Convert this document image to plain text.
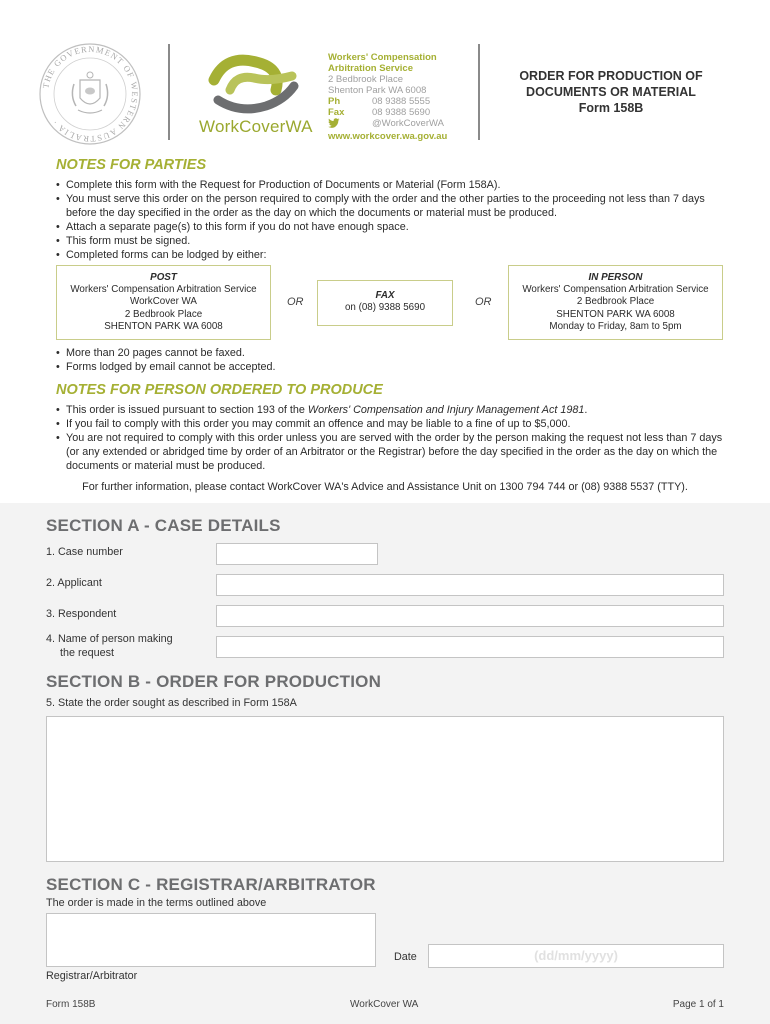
THE GOVERNMENT OF WESTERN AUSTRALIA ·	WorkCoverWA
Workers' Compensation
Arbitration Service
2 Bedbrook Place
Shenton Park WA 6008
Ph	08 9388 5555
Fax	08 9388 5690
@WorkCoverWA
www.workcover.wa.gov.au
ORDER FOR PRODUCTION OF
DOCUMENTS OR MATERIAL
Form 158B
NOTES FOR PARTIES
• Complete this form with the Request for Production of Documents or Material (Form 158A).
• You must serve this order on the person required to comply with the order and the other parties to the proceeding not less than 7 days before the day specified in the order as the day on which the documents or material must be produced.
• Attach a separate page(s) to this form if you do not have enough space.
• This form must be signed.
• Completed forms can be lodged by either:
POST
Workers' Compensation Arbitration Service
WorkCover WA
2 Bedbrook Place
SHENTON PARK WA 6008
OR
FAX
on (08) 9388 5690	OR
IN PERSON
Workers' Compensation Arbitration Service
2 Bedbrook Place
SHENTON PARK WA 6008
Monday to Friday, 8am to 5pm
• More than 20 pages cannot be faxed.
• Forms lodged by email cannot be accepted.
NOTES FOR PERSON ORDERED TO PRODUCE
• This order is issued pursuant to section 193 of the Workers' Compensation and Injury Management Act 1981.
• If you fail to comply with this order you may commit an offence and may be liable to a fine of up to $5,000.
• You are not required to comply with this order unless you are served with the order by the person making the request not less than 7 days (or any extended or abridged time by order of an Arbitrator or the Registrar) before the day specified in the order as the day on which the documents or material must be produced.
For further information, please contact WorkCover WA's Advice and Assistance Unit on 1300 794 744 or (08) 9388 5537 (TTY).
SECTION A - CASE DETAILS
1. Case number
2. Applicant
3. Respondent
4. Name of person making
the request
SECTION B - ORDER FOR PRODUCTION
5. State the order sought as described in Form 158A
SECTION C - REGISTRAR/ARBITRATOR
The order is made in the terms outlined above
Date	(dd/mm/yyyy)
Registrar/Arbitrator
Form 158B	WorkCover WA	Page 1 of 1
